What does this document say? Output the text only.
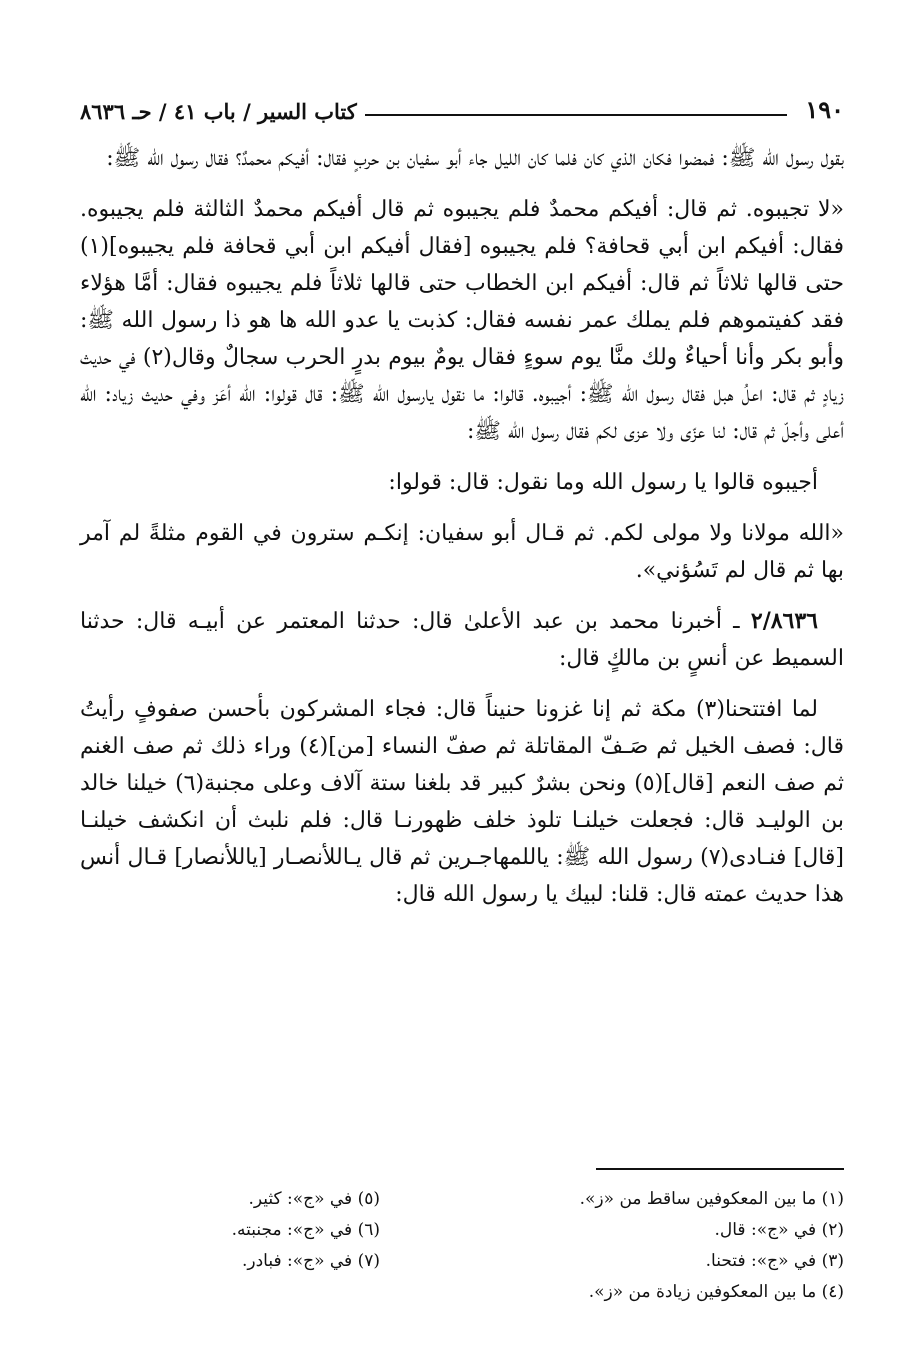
١٩٠
كتاب السير / باب ٤١ / حـ ٨٦٣٦

بقول رسول الله ﷺ: فمضوا فكان الذي كان فلما كان الليل جاء أبو سفيان بن حربٍ فقال: أفيكم محمدٌ؟ فقال رسول الله ﷺ:

«لا تجيبوه. ثم قال: أفيكم محمدٌ فلم يجيبوه ثم قال أفيكم محمدٌ الثالثة فلم يجيبوه. فقال: أفيكم ابن أبي قحافة؟ فلم يجيبوه [فقال أفيكم ابن أبي قحافة فلم يجيبوه](١) حتى قالها ثلاثاً ثم قال: أفيكم ابن الخطاب حتى قالها ثلاثاً فلم يجيبوه فقال: أمَّا هؤلاء فقد كفيتموهم فلم يملك عمر نفسه فقال: كذبت يا عدو الله ها هو ذا رسول الله ﷺ: وأبو بكر وأنا أحياءٌ ولك منَّا يوم سوءٍ فقال يومٌ بيوم بدرٍ الحرب سجالٌ وقال(٢) في حديث زيادٍ ثم قال: اعلُ هبل فقال رسول الله ﷺ: أجيبوه. قالوا: ما نقول يارسول الله ﷺ: قال قولوا: الله أعَز وفي حديث زياد: الله أعلى وأجلّ ثم قال: لنا عزّى ولا عزى لكم فقال رسول الله ﷺ:

أجيبوه قالوا يا رسول الله وما نقول: قال: قولوا:

«الله مولانا ولا مولى لكم. ثم قـال أبو سفيان: إنكـم سترون في القوم مثلةً لم آمر بها ثم قال لم تَسُؤني».

٢/٨٦٣٦ ـ أخبرنا محمد بن عبد الأعلىٰ قال: حدثنا المعتمر عن أبيـه قال: حدثنا السميط عن أنسٍ بن مالكٍ قال:

لما افتتحنا(٣) مكة ثم إنا غزونا حنيناً قال: فجاء المشركون بأحسن صفوفٍ رأيتُ قال: فصف الخيل ثم صَـفّ المقاتلة ثم صفّ النساء [من](٤) وراء ذلك ثم صف الغنم ثم صف النعم [قال](٥) ونحن بشرٌ كبير قد بلغنا ستة آلاف وعلى مجنبة(٦) خيلنا خالد بن الوليـد قال: فجعلت خيلنـا تلوذ خلف ظهورنـا قال: فلم نلبث أن انكشف خيلنـا [قال] فنـادى(٧) رسول الله ﷺ: ياللمهاجـرين ثم قال يـاللأنصـار [ياللأنصار] قـال أنس هذا حديث عمته قال: قلنا: لبيك يا رسول الله قال:

(١) ما بين المعكوفين ساقط من «ز».
(٢) في «ج»: قال.
(٣) في «ج»: فتحنا.
(٤) ما بين المعكوفين زيادة من «ز».
(٥) في «ج»: كثير.
(٦) في «ج»: مجنبته.
(٧) في «ج»: فبادر.
